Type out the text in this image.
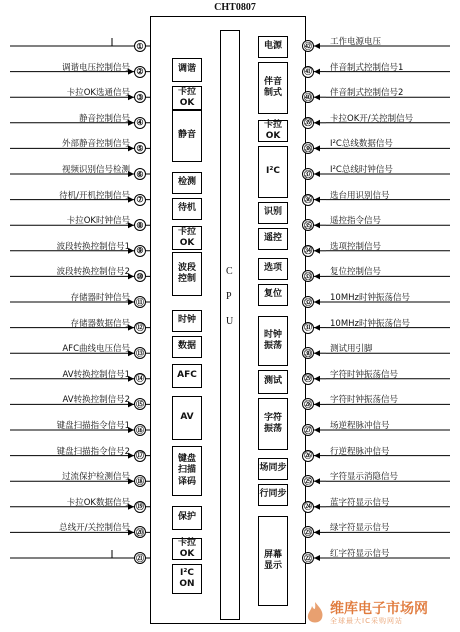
CHT0807
C
P
U
①
②
调谐电压控制信号
③
卡拉OK选通信号
④
静音控制信号
⑤
外部静音控制信号
⑥
视频识别信号检测
⑦
待机/开机控制信号
⑧
卡拉OK时钟信号
⑨
波段转换控制信号1
⑩
波段转换控制信号2
⑪
存储器时钟信号
⑫
存储器数据信号
⑬
AFC曲线电压信号
⑭
AV转换控制信号1
⑮
AV转换控制信号2
⑯
键盘扫描指令信号1
⑰
键盘扫描指令信号2
⑱
过流保护检测信号
⑲
卡拉OK数据信号
⑳
总线开/关控制信号
㉑
㊷ 工作电源电压
㊶ 伴音制式控制信号1
㊵ 伴音制式控制信号2
㊴ 卡拉OK开/关控制信号
㊳ I²C总线数据信号
㊲ I²C总线时钟信号
㊱ 选台用识别信号
㉟ 遥控指令信号
㉞ 选项控制信号
㉝ 复位控制信号
㉜ 10MHz时钟振荡信号
㉛ 10MHz时钟振荡信号
㉚ 测试用引脚
㉙ 字符时钟振荡信号
㉘ 字符时钟振荡信号
㉗ 场逆程脉冲信号
㉖ 行逆程脉冲信号
㉕ 字符显示消隐信号
㉔ 蓝字符显示信号
㉓ 绿字符显示信号
㉒ 红字符显示信号
调谐
卡拉OK
静音
检测
待机
卡拉OK
波段
控制
时钟
数据
AFC
AV
键盘
扫描
译码
保护
卡拉OK
I²C ON
电源
伴音
制式
卡拉OK
I²C
识别
遥控
选项
复位
时钟
振荡
测试
字符
振荡
场同步
行同步
屏幕
显示
维库电子市场网
全球最大IC采购网站
